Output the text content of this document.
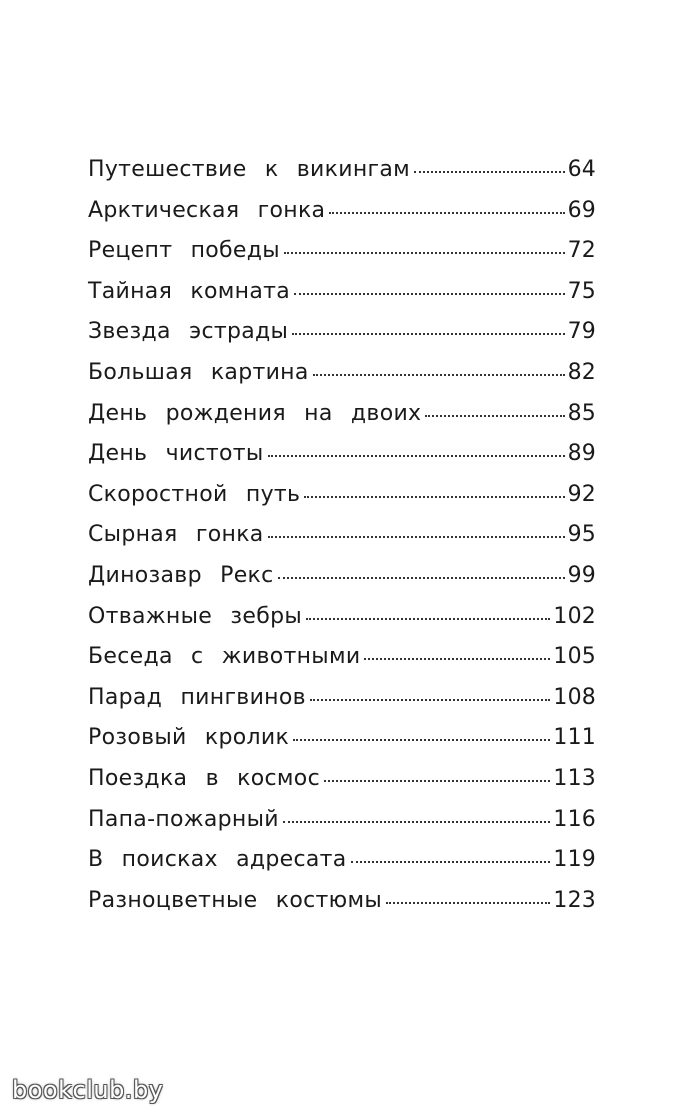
Путешествие к викингам	64
Арктическая гонка	69
Рецепт победы	72
Тайная комната	75
Звезда эстрады	79
Большая картина	82
День рождения на двоих	85
День чистоты	89
Скоростной путь	92
Сырная гонка	95
Динозавр Рекс	99
Отважные зебры	102
Беседа с животными	105
Парад пингвинов	108
Розовый кролик	111
Поездка в космос	113
Папа-пожарный	116
В поисках адресата	119
Разноцветные костюмы	123
bookclub.by
